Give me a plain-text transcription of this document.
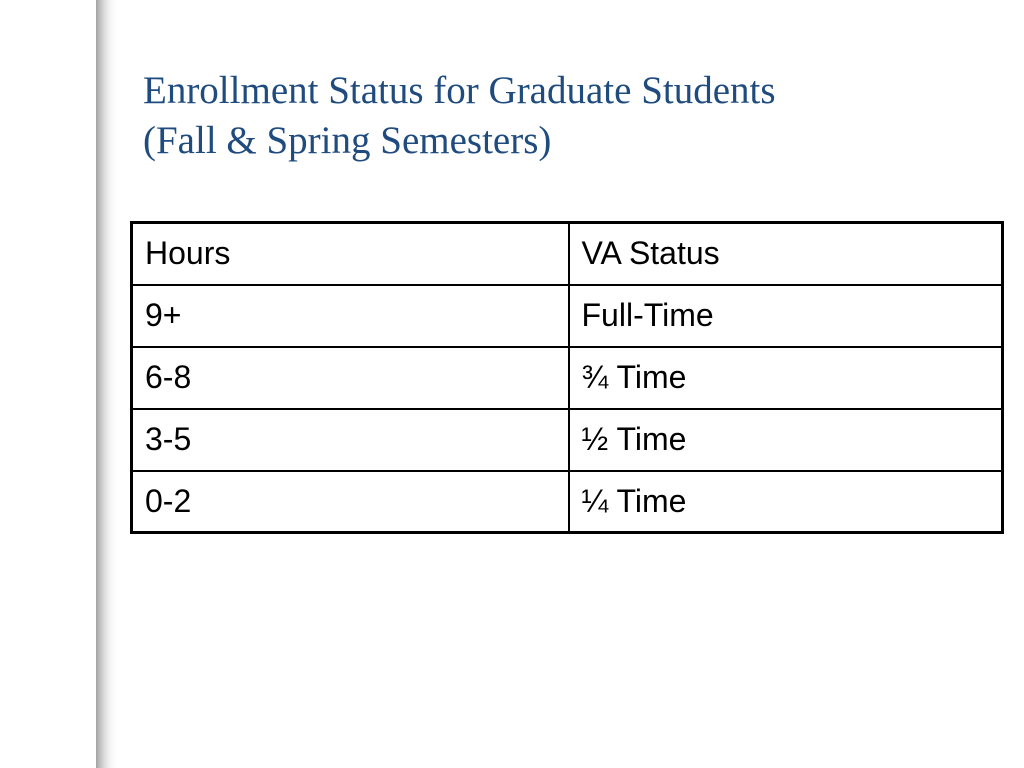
Enrollment Status for Graduate Students
(Fall & Spring Semesters)
Hours	VA Status
9+	Full-Time
6-8	¾ Time
3-5	½ Time
0-2	¼ Time
